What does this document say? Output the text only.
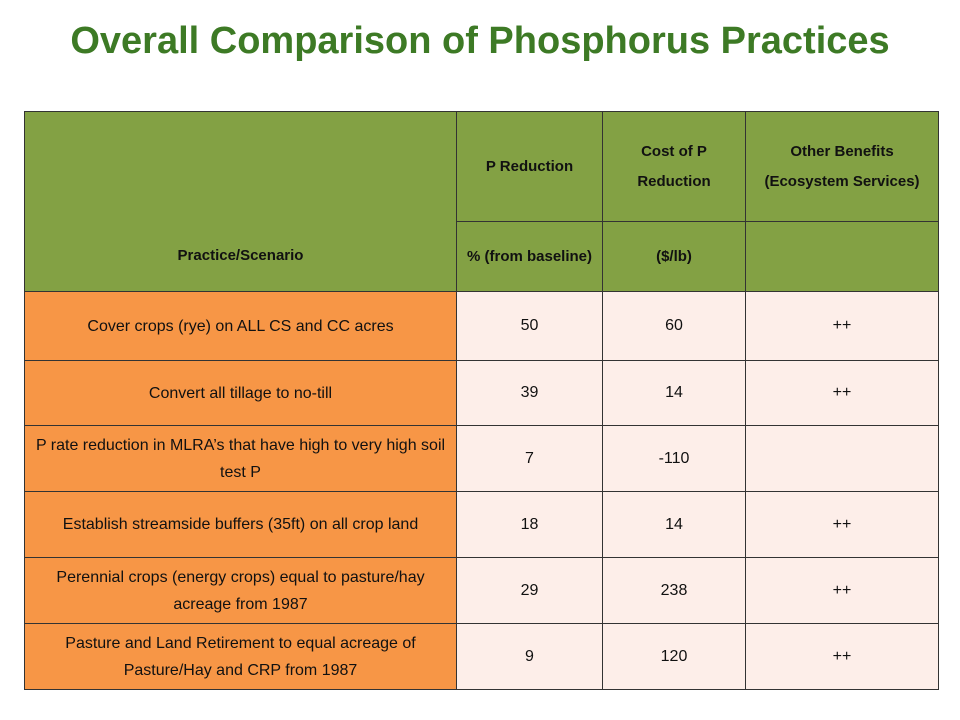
Overall Comparison of Phosphorus Practices
Practice/Scenario	P Reduction	Cost of P Reduction	Other Benefits (Ecosystem Services)
	% (from baseline)	($/lb)	
Cover crops (rye) on ALL CS and CC acres	50	60	++
Convert all tillage to no-till	39	14	++
P rate reduction in MLRA’s that have high to very high soil test P	7	-110	
Establish streamside buffers (35ft) on all crop land	18	14	++
Perennial crops (energy crops) equal to pasture/hay acreage from 1987	29	238	++
Pasture and Land Retirement to equal acreage of Pasture/Hay and CRP from 1987	9	120	++
